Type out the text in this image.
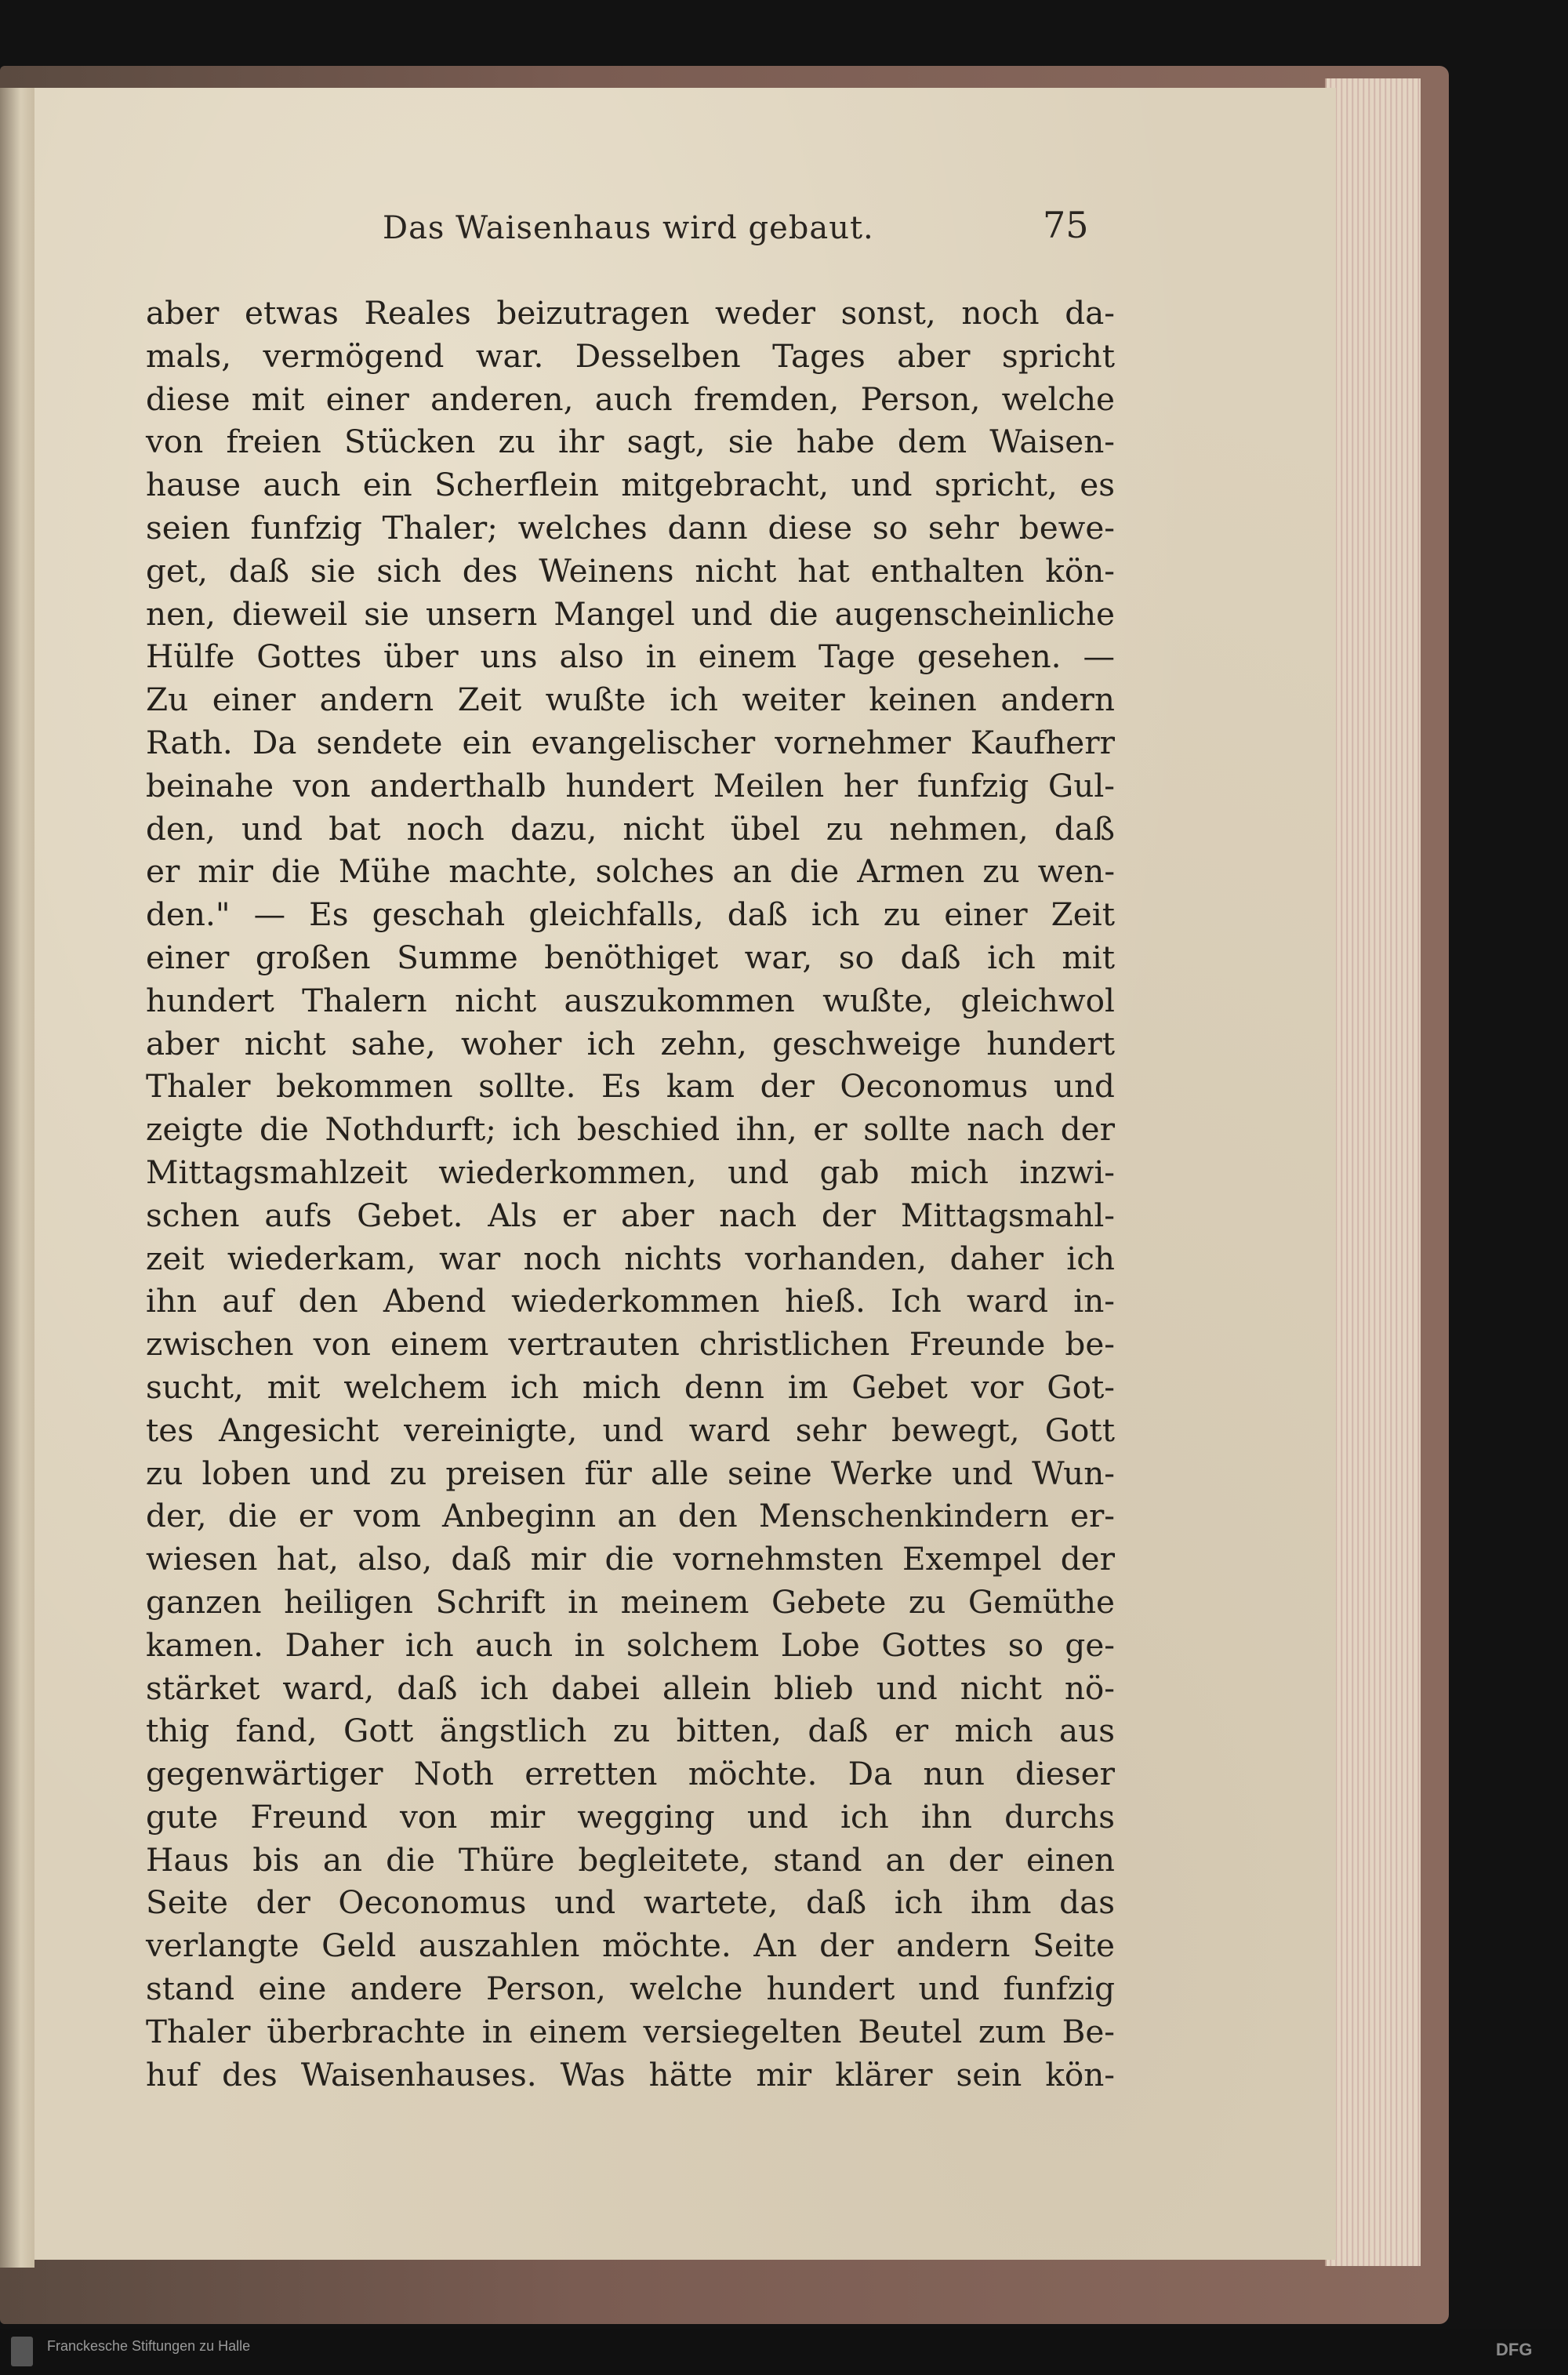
Das Waisenhaus wird gebaut.	75
aber etwas Reales beizutragen weder sonst, noch da-
mals, vermögend war. Desselben Tages aber spricht
diese mit einer anderen, auch fremden, Person, welche
von freien Stücken zu ihr sagt, sie habe dem Waisen-
hause auch ein Scherflein mitgebracht, und spricht, es
seien funfzig Thaler; welches dann diese so sehr bewe-
get, daß sie sich des Weinens nicht hat enthalten kön-
nen, dieweil sie unsern Mangel und die augenscheinliche
Hülfe Gottes über uns also in einem Tage gesehen. —
Zu einer andern Zeit wußte ich weiter keinen andern
Rath. Da sendete ein evangelischer vornehmer Kaufherr
beinahe von anderthalb hundert Meilen her funfzig Gul-
den, und bat noch dazu, nicht übel zu nehmen, daß
er mir die Mühe machte, solches an die Armen zu wen-
den." — Es geschah gleichfalls, daß ich zu einer Zeit
einer großen Summe benöthiget war, so daß ich mit
hundert Thalern nicht auszukommen wußte, gleichwol
aber nicht sahe, woher ich zehn, geschweige hundert
Thaler bekommen sollte. Es kam der Oeconomus und
zeigte die Nothdurft; ich beschied ihn, er sollte nach der
Mittagsmahlzeit wiederkommen, und gab mich inzwi-
schen aufs Gebet. Als er aber nach der Mittagsmahl-
zeit wiederkam, war noch nichts vorhanden, daher ich
ihn auf den Abend wiederkommen hieß. Ich ward in-
zwischen von einem vertrauten christlichen Freunde be-
sucht, mit welchem ich mich denn im Gebet vor Got-
tes Angesicht vereinigte, und ward sehr bewegt, Gott
zu loben und zu preisen für alle seine Werke und Wun-
der, die er vom Anbeginn an den Menschenkindern er-
wiesen hat, also, daß mir die vornehmsten Exempel der
ganzen heiligen Schrift in meinem Gebete zu Gemüthe
kamen. Daher ich auch in solchem Lobe Gottes so ge-
stärket ward, daß ich dabei allein blieb und nicht nö-
thig fand, Gott ängstlich zu bitten, daß er mich aus
gegenwärtiger Noth erretten möchte. Da nun dieser
gute Freund von mir wegging und ich ihn durchs
Haus bis an die Thüre begleitete, stand an der einen
Seite der Oeconomus und wartete, daß ich ihm das
verlangte Geld auszahlen möchte. An der andern Seite
stand eine andere Person, welche hundert und funfzig
Thaler überbrachte in einem versiegelten Beutel zum Be-
huf des Waisenhauses. Was hätte mir klärer sein kön-
Franckesche Stiftungen zu Halle	DFG
